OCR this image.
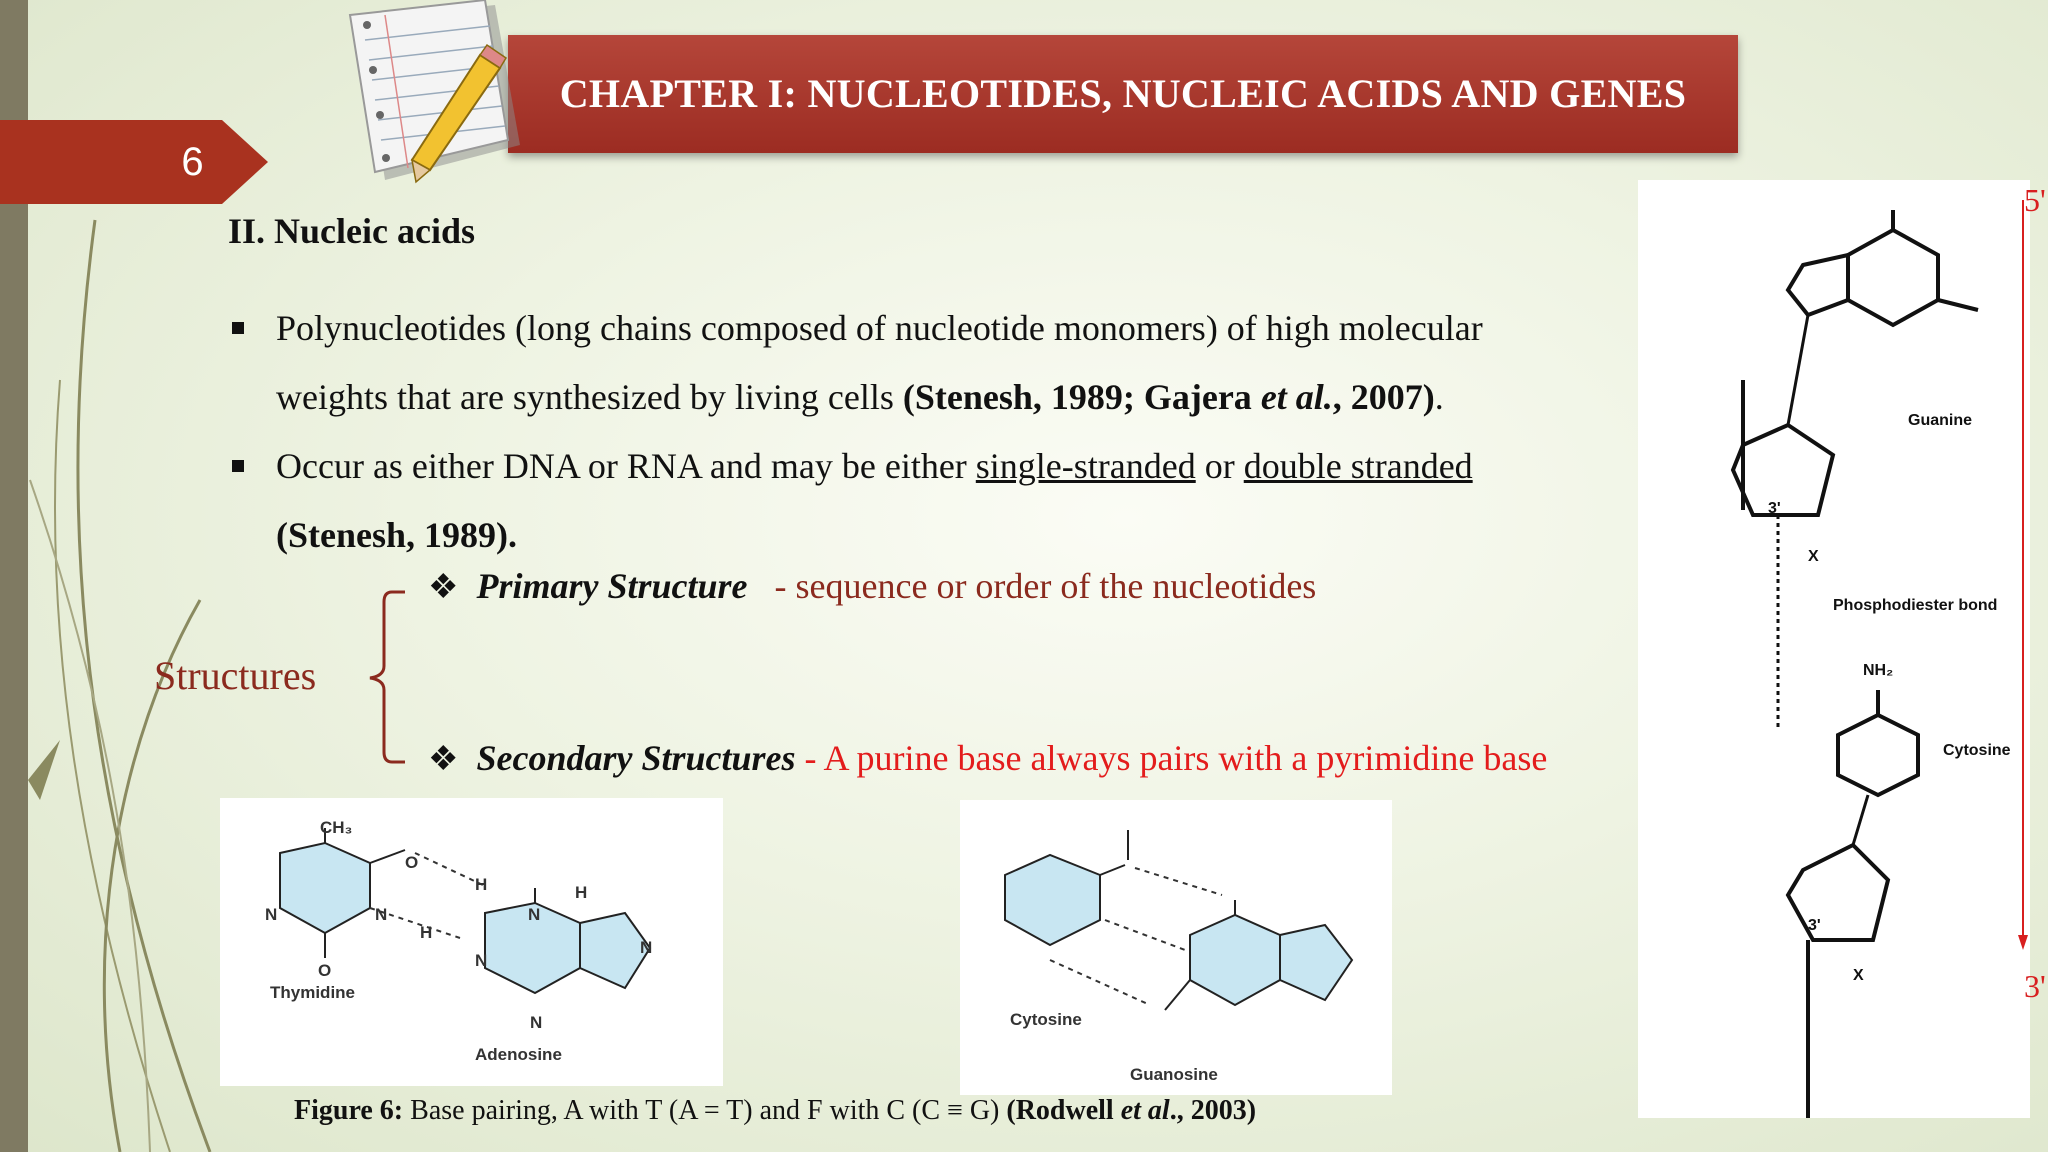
6
CHAPTER I: NUCLEOTIDES, NUCLEIC ACIDS AND GENES
II. Nucleic acids
Polynucleotides (long chains composed of nucleotide monomers) of high molecular
weights that are synthesized by living cells (Stenesh, 1989; Gajera et al., 2007).
Occur as either DNA or RNA and may be either single-stranded or double stranded
(Stenesh, 1989).
Structures
❖ Primary Structure - sequence or order of the nucleotides
❖ Secondary Structures - A purine base always pairs with a pyrimidine base
CH₃
O
O
N	N	N
N
N
N
H	H
H
Thymidine
Adenosine
Guanosine
Cytosine
Figure 6: Base pairing, A with T (A = T) and F with C (C ≡ G) (Rodwell et al., 2003)
Guanine
3'
X
Phosphodiester bond
NH₂
Cytosine
3'
X
5'
3'
